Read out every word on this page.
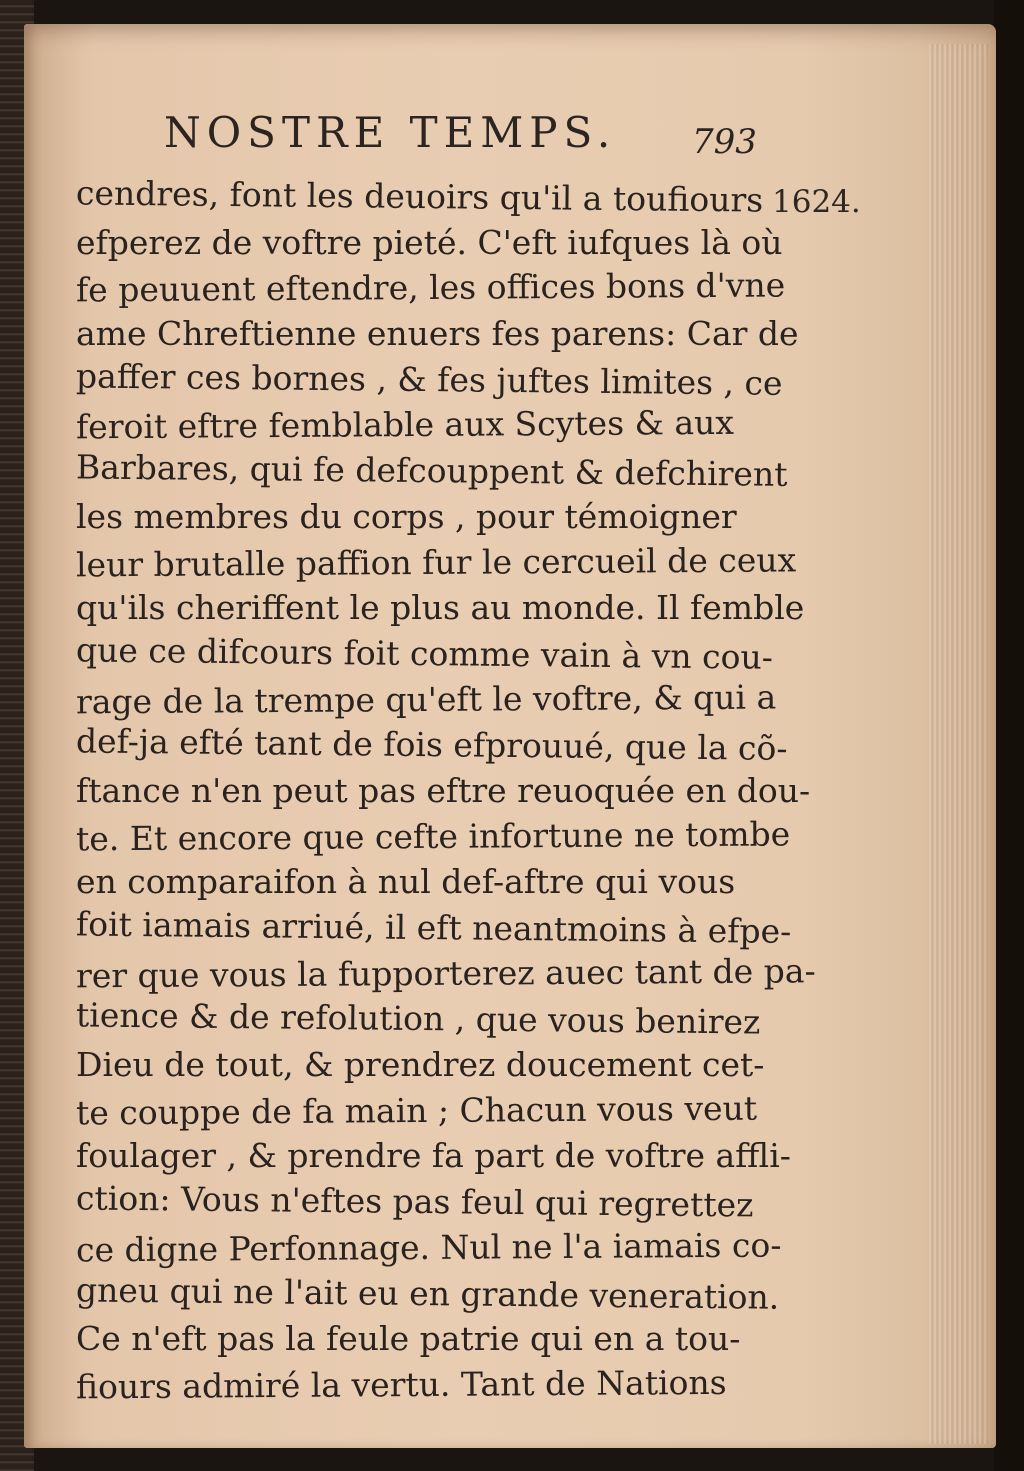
NOSTRE TEMPS. 793
1624.
cendres, font les deuoirs qu'il a toufiours
efperez de voftre pieté. C'eft iufques là où
fe peuuent eftendre, les offices bons d'vne
ame Chreftienne enuers fes parens: Car de
paffer ces bornes , & fes juftes limites , ce
feroit eftre femblable aux Scytes & aux
Barbares, qui fe defcouppent & defchirent
les membres du corps , pour témoigner
leur brutalle paffion fur le cercueil de ceux
qu'ils cheriffent le plus au monde. Il femble
que ce difcours foit comme vain à vn cou-
rage de la trempe qu'eft le voftre, & qui a
def-ja efté tant de fois efprouué, que la cõ-
ftance n'en peut pas eftre reuoquée en dou-
te. Et encore que cefte infortune ne tombe
en comparaifon à nul def-aftre qui vous
foit iamais arriué, il eft neantmoins à efpe-
rer que vous la fupporterez auec tant de pa-
tience & de refolution , que vous benirez
Dieu de tout, & prendrez doucement cet-
te couppe de fa main ; Chacun vous veut
foulager , & prendre fa part de voftre affli-
ction: Vous n'eftes pas feul qui regrettez
ce digne Perfonnage. Nul ne l'a iamais co-
gneu qui ne l'ait eu en grande veneration.
Ce n'eft pas la feule patrie qui en a tou-
fiours admiré la vertu. Tant de Nations
